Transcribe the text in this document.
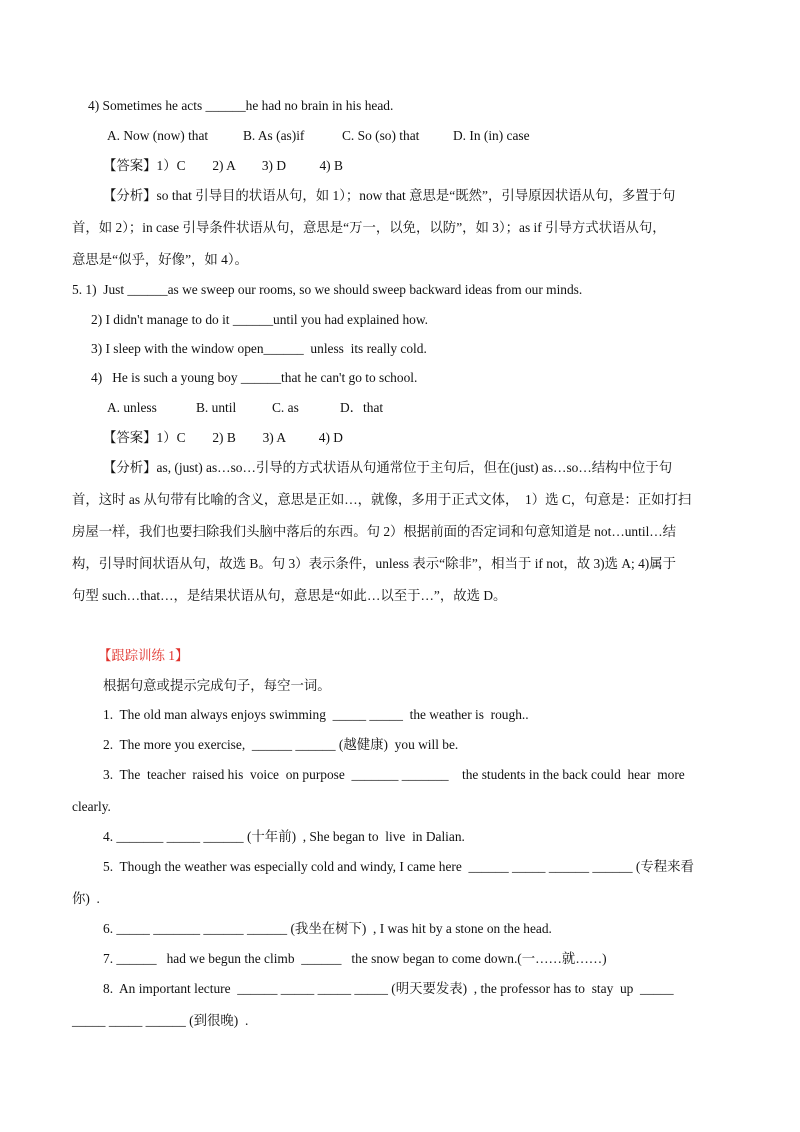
4) Sometimes he acts ______he had no brain in his head.
A. Now (now) that	B. As (as)if	C. So (so) that	D. In (in) case
【答案】1）C        2) A        3) D          4) B
【分析】so that 引导目的状语从句，如 1）；now that 意思是“既然”，引导原因状语从句，多置于句
首，如 2）；in case 引导条件状语从句，意思是“万一，以免，以防”，如 3）；as if 引导方式状语从句，
意思是“似乎，好像”，如 4）。
5. 1)  Just ______as we sweep our rooms, so we should sweep backward ideas from our minds.
2) I didn't manage to do it ______until you had explained how.
3) I sleep with the window open______  unless  its really cold.
4)   He is such a young boy ______that he can't go to school.
A. unless	B. until	C. as	D．that
【答案】1）C        2) B        3) A          4) D
【分析】as, (just) as…so…引导的方式状语从句通常位于主句后，但在(just) as…so…结构中位于句
首，这时 as 从句带有比喻的含义，意思是正如…，就像，多用于正式文体，  1）选 C，句意是：正如打扫
房屋一样，我们也要扫除我们头脑中落后的东西。句 2）根据前面的否定词和句意知道是 not…until…结
构，引导时间状语从句，故选 B。句 3）表示条件，unless 表示“除非”，相当于 if not，故 3)选 A; 4)属于
句型 such…that…，是结果状语从句，意思是“如此…以至于…”，故选 D。
【跟踪训练 1】
根据句意或提示完成句子，每空一词。
1.  The old man always enjoys swimming  _____ _____  the weather is  rough..
2.  The more you exercise,  ______ ______ (越健康)  you will be.
3.  The  teacher  raised his  voice  on purpose  _______ _______    the students in the back could  hear  more
clearly.
4. _______ _____ ______ (十年前)  , She began to  live  in Dalian.
5.  Though the weather was especially cold and windy, I came here  ______ _____ ______ ______ (专程来看
你)  .
6. _____ _______ ______ ______ (我坐在树下)  , I was hit by a stone on the head.
7. ______   had we begun the climb  ______   the snow began to come down.(一……就……)
8.  An important lecture  ______ _____ _____ _____ (明天要发表)  , the professor has to  stay  up  _____
_____ _____ ______ (到很晚)  .
